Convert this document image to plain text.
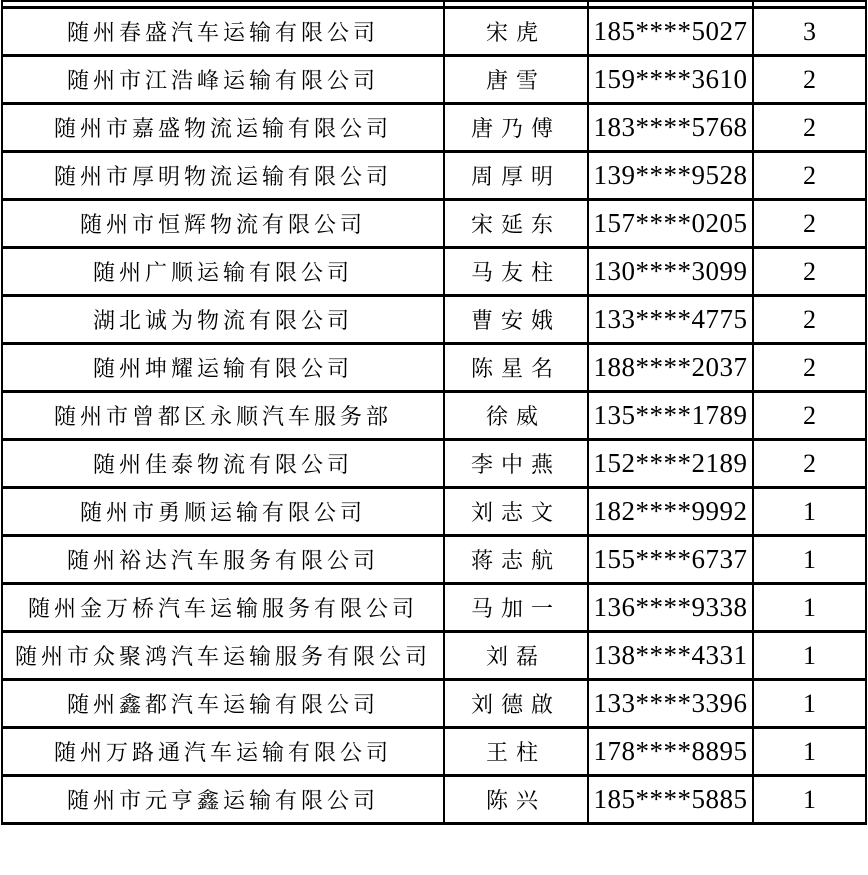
随州春盛汽车运输有限公司	宋虎	185****5027	3
随州市江浩峰运输有限公司	唐雪	159****3610	2
随州市嘉盛物流运输有限公司	唐乃傅	183****5768	2
随州市厚明物流运输有限公司	周厚明	139****9528	2
随州市恒辉物流有限公司	宋延东	157****0205	2
随州广顺运输有限公司	马友柱	130****3099	2
湖北诚为物流有限公司	曹安娥	133****4775	2
随州坤耀运输有限公司	陈星名	188****2037	2
随州市曾都区永顺汽车服务部	徐威	135****1789	2
随州佳泰物流有限公司	李中燕	152****2189	2
随州市勇顺运输有限公司	刘志文	182****9992	1
随州裕达汽车服务有限公司	蒋志航	155****6737	1
随州金万桥汽车运输服务有限公司	马加一	136****9338	1
随州市众聚鸿汽车运输服务有限公司	刘磊	138****4331	1
随州鑫都汽车运输有限公司	刘德啟	133****3396	1
随州万路通汽车运输有限公司	王柱	178****8895	1
随州市元亨鑫运输有限公司	陈兴	185****5885	1
